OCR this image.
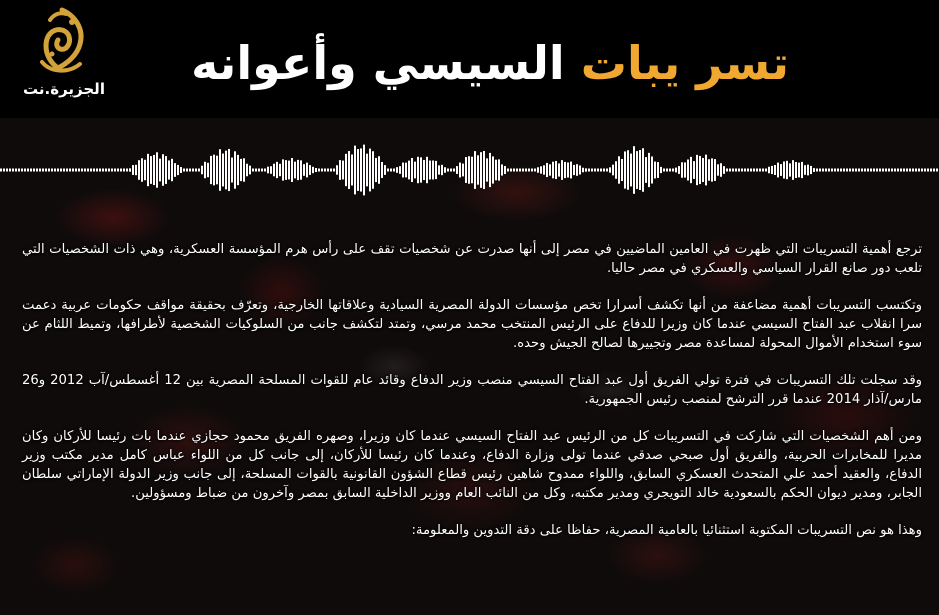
الجزيرة.نت	تسر يبات السيسي وأعوانه

ترجع أهمية التسريبات التي ظهرت في العامين الماضيين في مصر إلى أنها صدرت عن شخصيات تقف على رأس هرم المؤسسة العسكرية، وهي ذات الشخصيات التي تلعب دور صانع القرار السياسي والعسكري في مصر حاليا.

وتكتسب التسريبات أهمية مضاعفة من أنها تكشف أسرارا تخص مؤسسات الدولة المصرية السيادية وعلاقاتها الخارجية، وتعرّف بحقيقة مواقف حكومات عربية دعمت سرا انقلاب عبد الفتاح السيسي عندما كان وزيرا للدفاع على الرئيس المنتخب محمد مرسي، وتمتد لتكشف جانب من السلوكيات الشخصية لأطرافها، وتميط اللثام عن سوء استخدام الأموال المحولة لمساعدة مصر وتجييرها لصالح الجيش وحده.

وقد سجلت تلك التسريبات في فترة تولي الفريق أول عبد الفتاح السيسي منصب وزير الدفاع وقائد عام للقوات المسلحة المصرية بين 12 أغسطس/آب 2012 و26 مارس/آذار 2014 عندما قرر الترشح لمنصب رئيس الجمهورية.

ومن أهم الشخصيات التي شاركت في التسريبات كل من الرئيس عبد الفتاح السيسي عندما كان وزيرا، وصهره الفريق محمود حجازي عندما بات رئيسا للأركان وكان مديرا للمخابرات الحربية، والفريق أول صبحي صدقي عندما تولى وزارة الدفاع، وعندما كان رئيسا للأركان، إلى جانب كل من اللواء عباس كامل مدير مكتب وزير الدفاع، والعقيد أحمد علي المتحدث العسكري السابق، واللواء ممدوح شاهين رئيس قطاع الشؤون القانونية بالقوات المسلحة، إلى جانب وزير الدولة الإماراتي سلطان الجابر، ومدير ديوان الحكم بالسعودية خالد التويجري ومدير مكتبه، وكل من النائب العام ووزير الداخلية السابق بمصر وآخرون من ضباط ومسؤولين.

وهذا هو نص التسريبات المكتوبة استثنائيا بالعامية المصرية، حفاظا على دقة التدوين والمعلومة:
